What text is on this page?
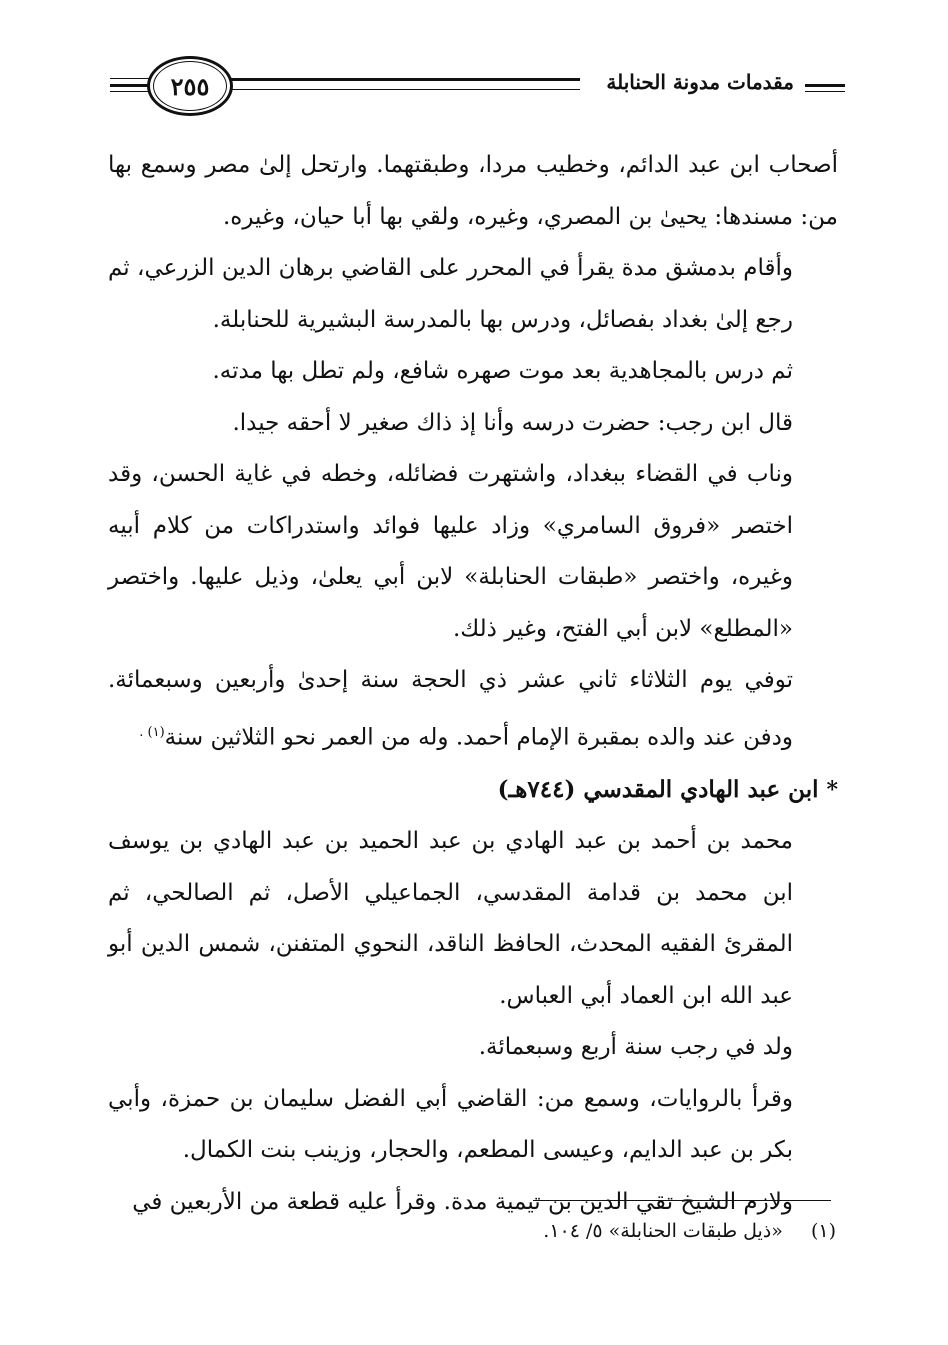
٢٥٥	مقدمات مدونة الحنابلة

أصحاب ابن عبد الدائم، وخطيب مردا، وطبقتهما. وارتحل إلىٰ مصر وسمع بها من: مسندها: يحيىٰ بن المصري، وغيره، ولقي بها أبا حيان، وغيره.

وأقام بدمشق مدة يقرأ في المحرر على القاضي برهان الدين الزرعي، ثم رجع إلىٰ بغداد بفصائل، ودرس بها بالمدرسة البشيرية للحنابلة.

ثم درس بالمجاهدية بعد موت صهره شافع، ولم تطل بها مدته.

قال ابن رجب: حضرت درسه وأنا إذ ذاك صغير لا أحقه جيدا.

وناب في القضاء ببغداد، واشتهرت فضائله، وخطه في غاية الحسن، وقد اختصر «فروق السامري» وزاد عليها فوائد واستدراكات من كلام أبيه وغيره، واختصر «طبقات الحنابلة» لابن أبي يعلىٰ، وذيل عليها. واختصر «المطلع» لابن أبي الفتح، وغير ذلك.

توفي يوم الثلاثاء ثاني عشر ذي الحجة سنة إحدىٰ وأربعين وسبعمائة. ودفن عند والده بمقبرة الإمام أحمد. وله من العمر نحو الثلاثين سنة$^{(١) .}$

*ابن عبد الهادي المقدسي (٧٤٤هـ)

محمد بن أحمد بن عبد الهادي بن عبد الحميد بن عبد الهادي بن يوسف ابن محمد بن قدامة المقدسي، الجماعيلي الأصل، ثم الصالحي، ثم المقرئ الفقيه المحدث، الحافظ الناقد، النحوي المتفنن، شمس الدين أبو عبد الله ابن العماد أبي العباس.

ولد في رجب سنة أربع وسبعمائة.

وقرأ بالروايات، وسمع من: القاضي أبي الفضل سليمان بن حمزة، وأبي بكر بن عبد الدايم، وعيسى المطعم، والحجار، وزينب بنت الكمال.

ولازم الشيخ تقي الدين بن تيمية مدة. وقرأ عليه قطعة من الأربعين في

(١) «ذيل طبقات الحنابلة» ٥/ ١٠٤.
